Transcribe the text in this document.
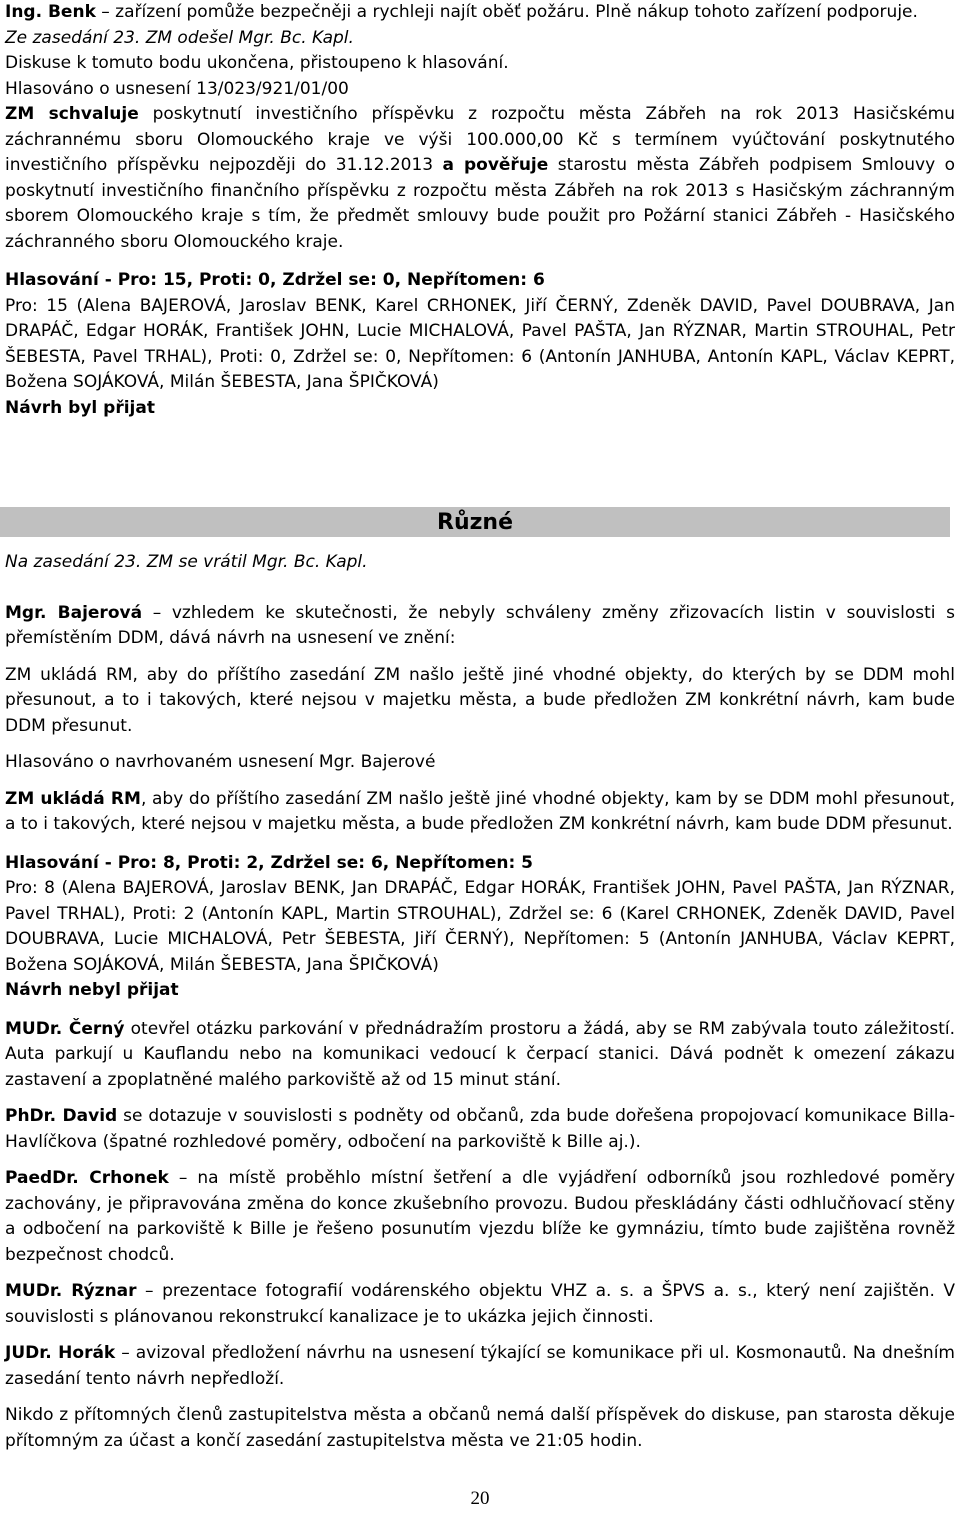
Ing. Benk – zařízení pomůže bezpečněji a rychleji najít oběť požáru. Plně nákup tohoto zařízení podporuje.

Ze zasedání 23. ZM odešel Mgr. Bc. Kapl.

Diskuse k tomuto bodu ukončena, přistoupeno k hlasování.

Hlasováno o usnesení 13/023/921/01/00

ZM schvaluje poskytnutí investičního příspěvku z rozpočtu města Zábřeh na rok 2013 Hasičskému záchrannému sboru Olomouckého kraje ve výši 100.000,00 Kč s termínem vyúčtování poskytnutého investičního příspěvku nejpozději do 31.12.2013 a pověřuje starostu města Zábřeh podpisem Smlouvy o poskytnutí investičního finančního příspěvku z rozpočtu města Zábřeh na rok 2013 s Hasičským záchranným sborem Olomouckého kraje s tím, že předmět smlouvy bude použit pro Požární stanici Zábřeh - Hasičského záchranného sboru Olomouckého kraje.

Hlasování - Pro: 15, Proti: 0, Zdržel se: 0, Nepřítomen: 6

Pro: 15 (Alena BAJEROVÁ, Jaroslav BENK, Karel CRHONEK, Jiří ČERNÝ, Zdeněk DAVID, Pavel DOUBRAVA, Jan DRAPÁČ, Edgar HORÁK, František JOHN, Lucie MICHALOVÁ, Pavel PAŠTA, Jan RÝZNAR, Martin STROUHAL, Petr ŠEBESTA, Pavel TRHAL), Proti: 0, Zdržel se: 0, Nepřítomen: 6 (Antonín JANHUBA, Antonín KAPL, Václav KEPRT, Božena SOJÁKOVÁ, Milán ŠEBESTA, Jana ŠPIČKOVÁ)

Návrh byl přijat

Různé

Na zasedání 23. ZM se vrátil Mgr. Bc. Kapl.

Mgr. Bajerová – vzhledem ke skutečnosti, že nebyly schváleny změny zřizovacích listin v souvislosti s přemístěním DDM, dává návrh na usnesení ve znění:

ZM ukládá RM, aby do příštího zasedání ZM našlo ještě jiné vhodné objekty, do kterých by se DDM mohl přesunout, a to i takových, které nejsou v majetku města, a bude předložen ZM konkrétní návrh, kam bude DDM přesunut.

Hlasováno o navrhovaném usnesení Mgr. Bajerové

ZM ukládá RM, aby do příštího zasedání ZM našlo ještě jiné vhodné objekty, kam by se DDM mohl přesunout, a to i takových, které nejsou v majetku města, a bude předložen ZM konkrétní návrh, kam bude DDM přesunut.

Hlasování - Pro: 8, Proti: 2, Zdržel se: 6, Nepřítomen: 5

Pro: 8 (Alena BAJEROVÁ, Jaroslav BENK, Jan DRAPÁČ, Edgar HORÁK, František JOHN, Pavel PAŠTA, Jan RÝZNAR, Pavel TRHAL), Proti: 2 (Antonín KAPL, Martin STROUHAL), Zdržel se: 6 (Karel CRHONEK, Zdeněk DAVID, Pavel DOUBRAVA, Lucie MICHALOVÁ, Petr ŠEBESTA, Jiří ČERNÝ), Nepřítomen: 5 (Antonín JANHUBA, Václav KEPRT, Božena SOJÁKOVÁ, Milán ŠEBESTA, Jana ŠPIČKOVÁ)

Návrh nebyl přijat

MUDr. Černý otevřel otázku parkování v přednádražím prostoru a žádá, aby se RM zabývala touto záležitostí. Auta parkují u Kauflandu nebo na komunikaci vedoucí k čerpací stanici. Dává podnět k omezení zákazu zastavení a zpoplatněné malého parkoviště až od 15 minut stání.

PhDr. David se dotazuje v souvislosti s podněty od občanů, zda bude dořešena propojovací komunikace Billa-Havlíčkova (špatné rozhledové poměry, odbočení na parkoviště k Bille aj.).

PaedDr. Crhonek – na místě proběhlo místní šetření a dle vyjádření odborníků jsou rozhledové poměry zachovány, je připravována změna do konce zkušebního provozu. Budou přeskládány části odhlučňovací stěny a odbočení na parkoviště k Bille je řešeno posunutím vjezdu blíže ke gymnáziu, tímto bude zajištěna rovněž bezpečnost chodců.

MUDr. Rýznar – prezentace fotografií vodárenského objektu VHZ a. s. a ŠPVS a. s., který není zajištěn. V souvislosti s plánovanou rekonstrukcí kanalizace je to ukázka jejich činnosti.

JUDr. Horák – avizoval předložení návrhu na usnesení týkající se komunikace při ul. Kosmonautů. Na dnešním zasedání tento návrh nepředloží.

Nikdo z přítomných členů zastupitelstva města a občanů nemá další příspěvek do diskuse, pan starosta děkuje přítomným za účast a končí zasedání zastupitelstva města ve 21:05 hodin.

20
